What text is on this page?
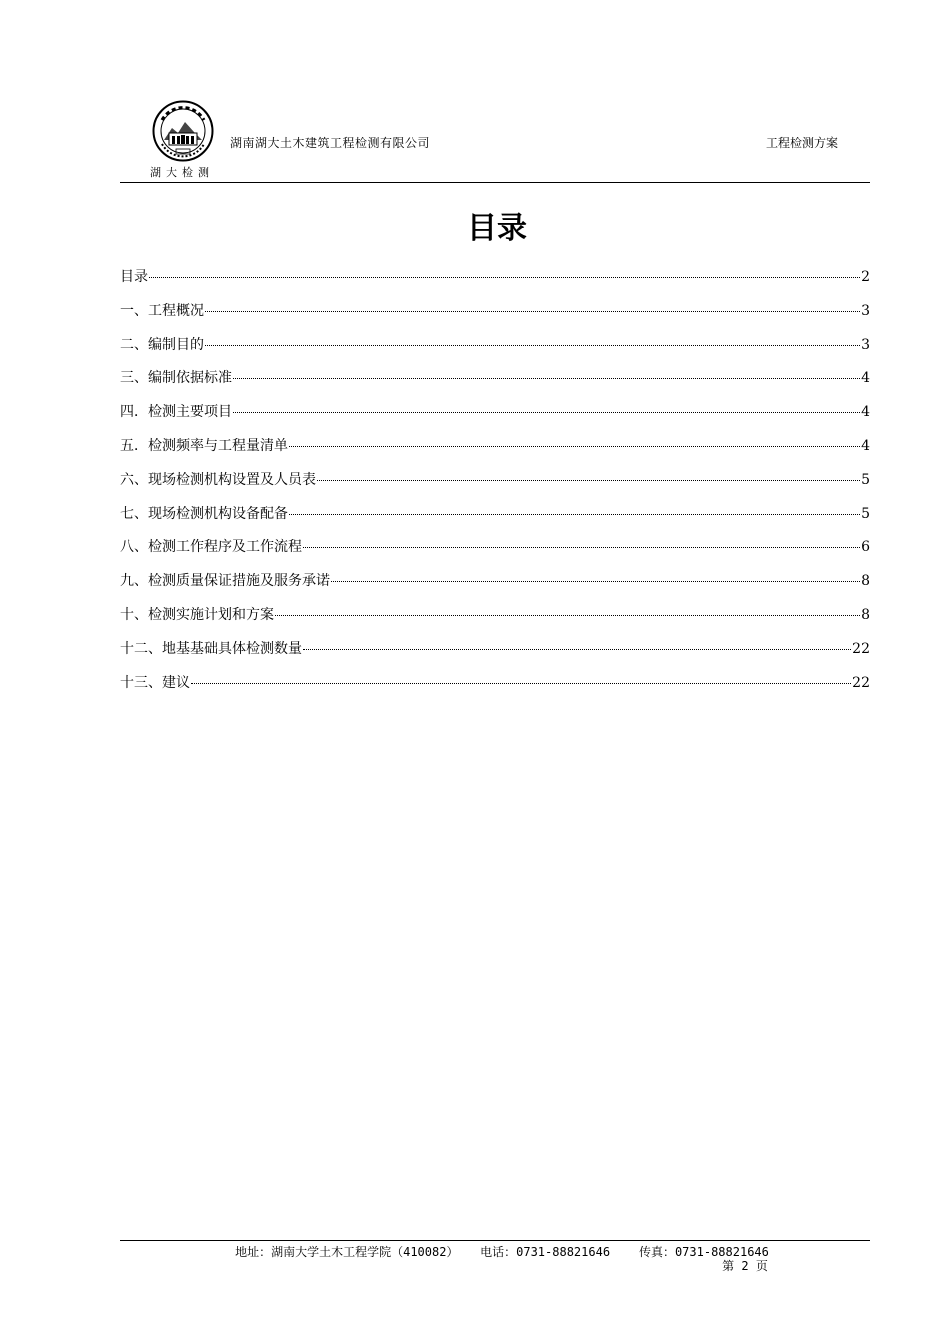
湖大检测
湖南湖大土木建筑工程检测有限公司	工程检测方案
目录
目录	2
一、工程概况	3
二、编制目的	3
三、编制依据标准	4
四．检测主要项目	4
五．检测频率与工程量清单	4
六、现场检测机构设置及人员表	5
七、现场检测机构设备配备	5
八、检测工作程序及工作流程	6
九、检测质量保证措施及服务承诺	8
十、检测实施计划和方案	8
十二、地基基础具体检测数量	22
十三、建议	22
地址：湖南大学土木工程学院（410082）   电话：0731-88821646    传真：0731-88821646
第 2 页
